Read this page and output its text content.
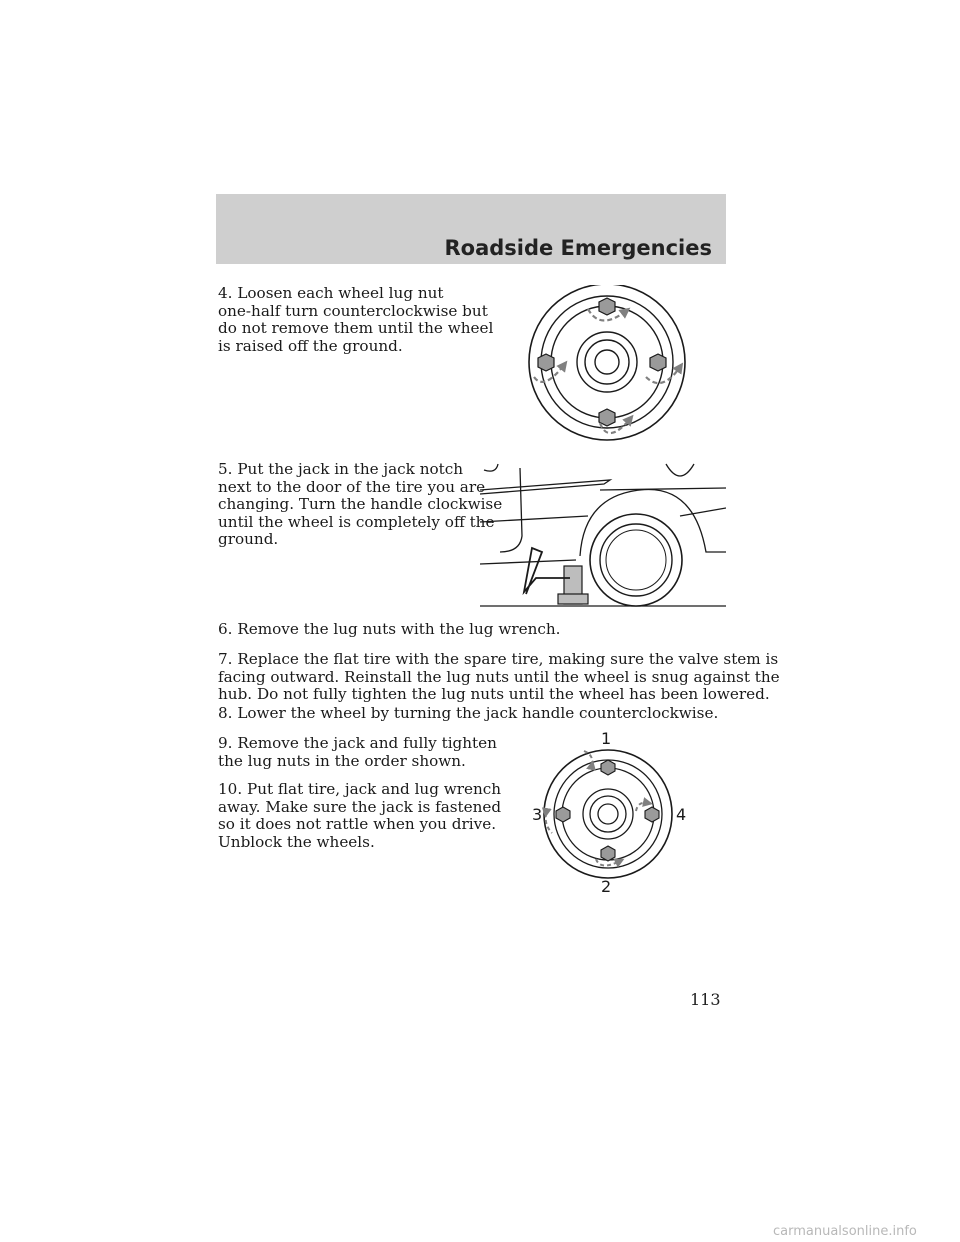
Roadside Emergencies

4. Loosen each wheel lug nut
one-half turn counterclockwise but
do not remove them until the wheel
is raised off the ground.

5. Put the jack in the jack notch
next to the door of the tire you are
changing. Turn the handle clockwise
until the wheel is completely off the
ground.

6. Remove the lug nuts with the lug wrench.

7. Replace the flat tire with the spare tire, making sure the valve stem is
facing outward. Reinstall the lug nuts until the wheel is snug against the
hub. Do not fully tighten the lug nuts until the wheel has been lowered.

8. Lower the wheel by turning the jack handle counterclockwise.

9. Remove the jack and fully tighten
the lug nuts in the order shown.

10. Put flat tire, jack and lug wrench
away. Make sure the jack is fastened
so it does not rattle when you drive.
Unblock the wheels.

1
2
3	4
113
carmanualsonline.info
